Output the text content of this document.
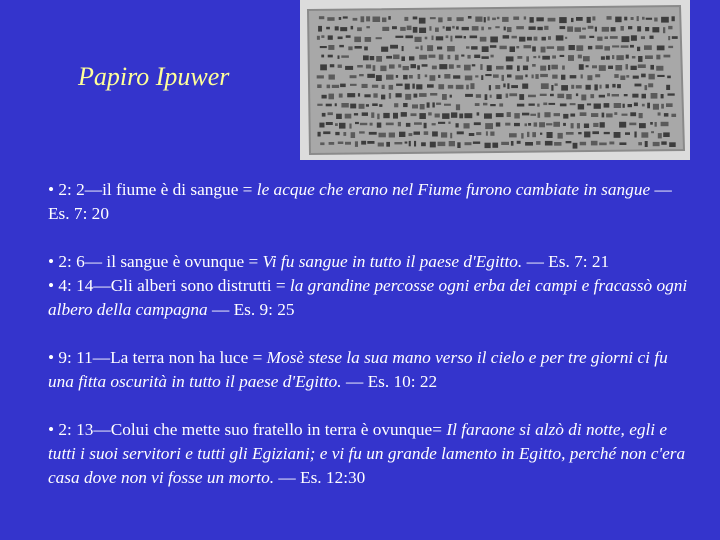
Papiro Ipuwer

• 2: 2—il fiume è di sangue = le acque che erano nel Fiume furono cambiate in sangue —Es. 7: 20

• 2: 6— il sangue è ovunque = Vi fu sangue in tutto il paese d'Egitto. — Es. 7: 21

• 4: 14—Gli alberi sono distrutti = la grandine percosse ogni erba dei campi e fracassò ogni albero della campagna — Es. 9: 25

• 9: 11—La terra non ha luce = Mosè stese la sua mano verso il cielo e per tre giorni ci fu una fitta oscurità in tutto il paese d'Egitto. — Es. 10: 22

• 2: 13—Colui che mette suo fratello in terra è ovunque= Il faraone si alzò di notte, egli e tutti i suoi servitori e tutti gli Egiziani; e vi fu un grande lamento in Egitto, perché non c'era casa dove non vi fosse un morto. — Es. 12:30
